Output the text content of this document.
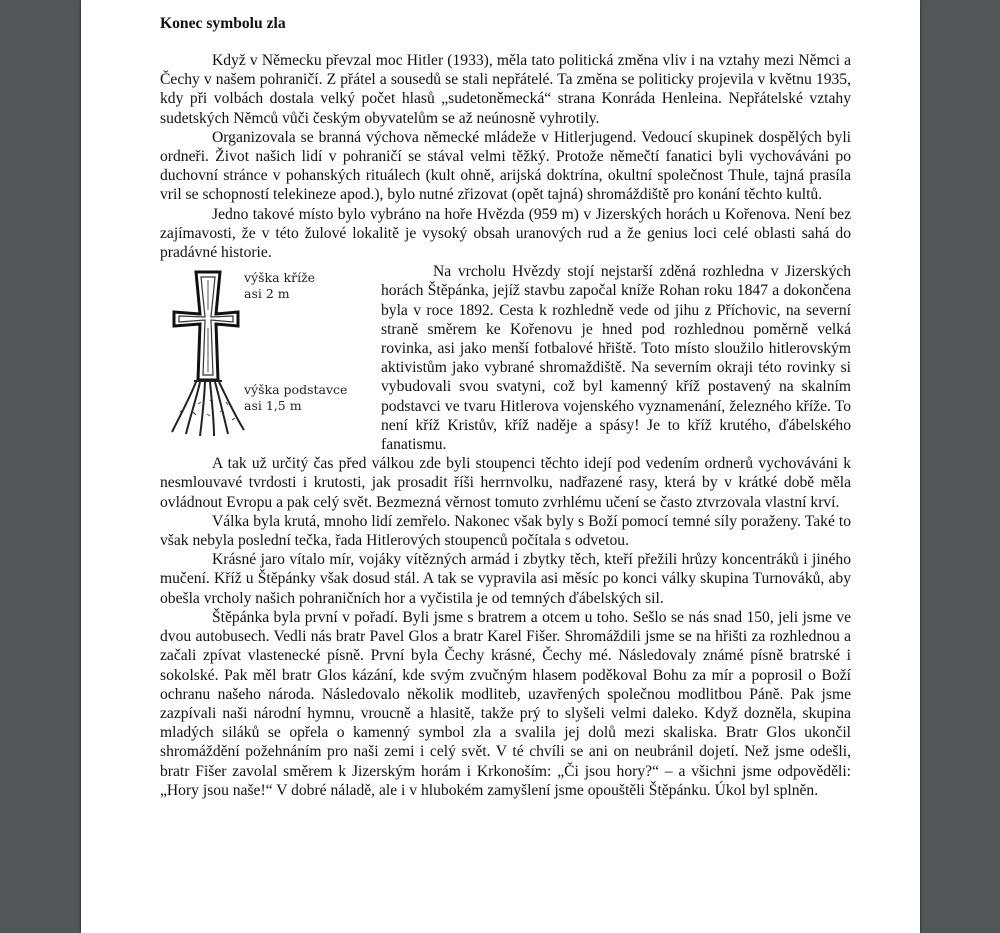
Konec symbolu zla

Když v Německu převzal moc Hitler (1933), měla tato politická změna vliv i na vztahy mezi Němci a Čechy v našem pohraničí. Z přátel a sousedů se stali nepřátelé. Ta změna se politicky projevila v květnu 1935, kdy při volbách dostala velký počet hlasů „sudetoněmecká“ strana Konráda Henleina. Nepřátelské vztahy sudetských Němců vůči českým obyvatelům se až neúnosně vyhrotily.

Organizovala se branná výchova německé mládeže v Hitlerjugend. Vedoucí skupinek dospělých byli ordneři. Život našich lidí v pohraničí se stával velmi těžký. Protože němečtí fanatici byli vychováváni po duchovní stránce v pohanských rituálech (kult ohně, arijská doktrína, okultní společnost Thule, tajná prasíla vril se schopností telekineze apod.), bylo nutné zřizovat (opět tajná) shromáždiště pro konání těchto kultů.

Jedno takové místo bylo vybráno na hoře Hvězda (959 m) v Jizerských horách u Kořenova. Není bez zajímavosti, že v této žulové lokalitě je vysoký obsah uranových rud a že genius loci celé oblasti sahá do pradávné historie.

výška kříže
asi 2 m
výška podstavce
asi 1,5 m

Na vrcholu Hvězdy stojí nejstarší zděná rozhledna v Jizerských horách Štěpánka, jejíž stavbu započal kníže Rohan roku 1847 a dokončena byla v roce 1892. Cesta k rozhledně vede od jihu z Příchovic, na severní straně směrem ke Kořenovu je hned pod rozhlednou poměrně velká rovinka, asi jako menší fotbalové hřiště. Toto místo sloužilo hitlerovským aktivistům jako vybrané shromaždiště. Na severním okraji této rovinky si vybudovali svou svatyni, což byl kamenný kříž postavený na skalním podstavci ve tvaru Hitlerova vojenského vyznamenání, železného kříže. To není kříž Kristův, kříž naděje a spásy! Je to kříž krutého, ďábelského fanatismu.

A tak už určitý čas před válkou zde byli stoupenci těchto idejí pod vedením ordnerů vychováváni k nesmlouvavé tvrdosti i krutosti, jak prosadit říši herrnvolku, nadřazené rasy, která by v krátké době měla ovládnout Evropu a pak celý svět. Bezmezná věrnost tomuto zvrhlému učení se často ztvrzovala vlastní krví.

Válka byla krutá, mnoho lidí zemřelo. Nakonec však byly s Boží pomocí temné síly poraženy. Také to však nebyla poslední tečka, řada Hitlerových stoupenců počítala s odvetou.

Krásné jaro vítalo mír, vojáky vítězných armád i zbytky těch, kteří přežili hrůzy koncentráků i jiného mučení. Kříž u Štěpánky však dosud stál. A tak se vypravila asi měsíc po konci války skupina Turnováků, aby obešla vrcholy našich pohraničních hor a vyčistila je od temných ďábelských sil.

Štěpánka byla první v pořadí. Byli jsme s bratrem a otcem u toho. Sešlo se nás snad 150, jeli jsme ve dvou autobusech. Vedli nás bratr Pavel Glos a bratr Karel Fišer. Shromáždili jsme se na hřišti za rozhlednou a začali zpívat vlastenecké písně. První byla Čechy krásné, Čechy mé. Následovaly známé písně bratrské i sokolské. Pak měl bratr Glos kázání, kde svým zvučným hlasem poděkoval Bohu za mír a poprosil o Boží ochranu našeho národa. Následovalo několik modliteb, uzavřených společnou modlitbou Páně. Pak jsme zazpívali naši národní hymnu, vroucně a hlasitě, takže prý to slyšeli velmi daleko. Když dozněla, skupina mladých siláků se opřela o kamenný symbol zla a svalila jej dolů mezi skaliska. Bratr Glos ukončil shromáždění požehnáním pro naši zemi i celý svět. V té chvíli se ani on neubránil dojetí. Než jsme odešli, bratr Fišer zavolal směrem k Jizerským horám i Krkonoším: „Či jsou hory?“ – a všichni jsme odpověděli: „Hory jsou naše!“ V dobré náladě, ale i v hlubokém zamyšlení jsme opouštěli Štěpánku. Úkol byl splněn.
